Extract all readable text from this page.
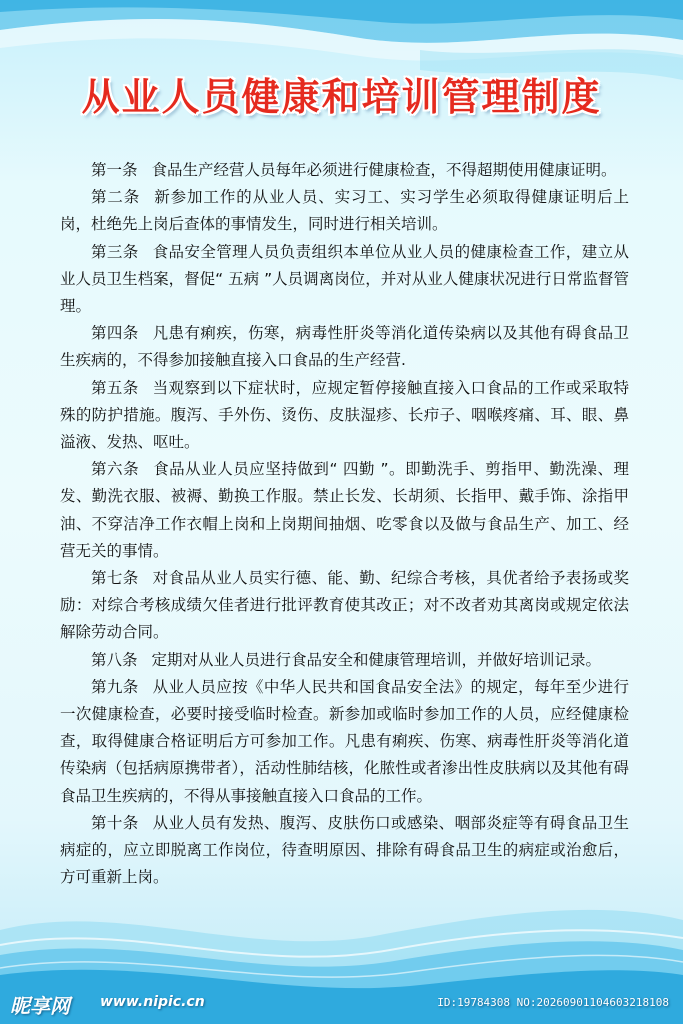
从业人员健康和培训管理制度

第一条 食品生产经营人员每年必须进行健康检查，不得超期使用健康证明。

第二条 新参加工作的从业人员、实习工、实习学生必须取得健康证明后上岗，杜绝先上岗后查体的事情发生，同时进行相关培训。

第三条 食品安全管理人员负责组织本单位从业人员的健康检查工作，建立从业人员卫生档案，督促“ 五病 ”人员调离岗位，并对从业人健康状况进行日常监督管理。

第四条 凡患有痢疾，伤寒，病毒性肝炎等消化道传染病以及其他有碍食品卫生疾病的，不得参加接触直接入口食品的生产经营.

第五条 当观察到以下症状时，应规定暂停接触直接入口食品的工作或采取特殊的防护措施。腹泻、手外伤、烫伤、皮肤湿疹、长疖子、咽喉疼痛、耳、眼、鼻溢液、发热、呕吐。

第六条 食品从业人员应坚持做到“ 四勤 ”。即勤洗手、剪指甲、勤洗澡、理发、勤洗衣服、被褥、勤换工作服。禁止长发、长胡须、长指甲、戴手饰、涂指甲油、不穿洁净工作衣帽上岗和上岗期间抽烟、吃零食以及做与食品生产、加工、经营无关的事情。

第七条 对食品从业人员实行德、能、勤、纪综合考核，具优者给予表扬或奖励：对综合考核成绩欠佳者进行批评教育使其改正；对不改者劝其离岗或规定依法解除劳动合同。

第八条 定期对从业人员进行食品安全和健康管理培训，并做好培训记录。

第九条 从业人员应按《中华人民共和国食品安全法》的规定，每年至少进行一次健康检查，必要时接受临时检查。新参加或临时参加工作的人员，应经健康检查，取得健康合格证明后方可参加工作。凡患有痢疾、伤寒、病毒性肝炎等消化道传染病（包括病原携带者），活动性肺结核，化脓性或者渗出性皮肤病以及其他有碍食品卫生疾病的，不得从事接触直接入口食品的工作。

第十条 从业人员有发热、腹泻、皮肤伤口或感染、咽部炎症等有碍食品卫生病症的，应立即脱离工作岗位，待查明原因、排除有碍食品卫生的病症或治愈后，方可重新上岗。

昵享网 www.nipic.cn	ID:19784308 NO:20260901104603218108
